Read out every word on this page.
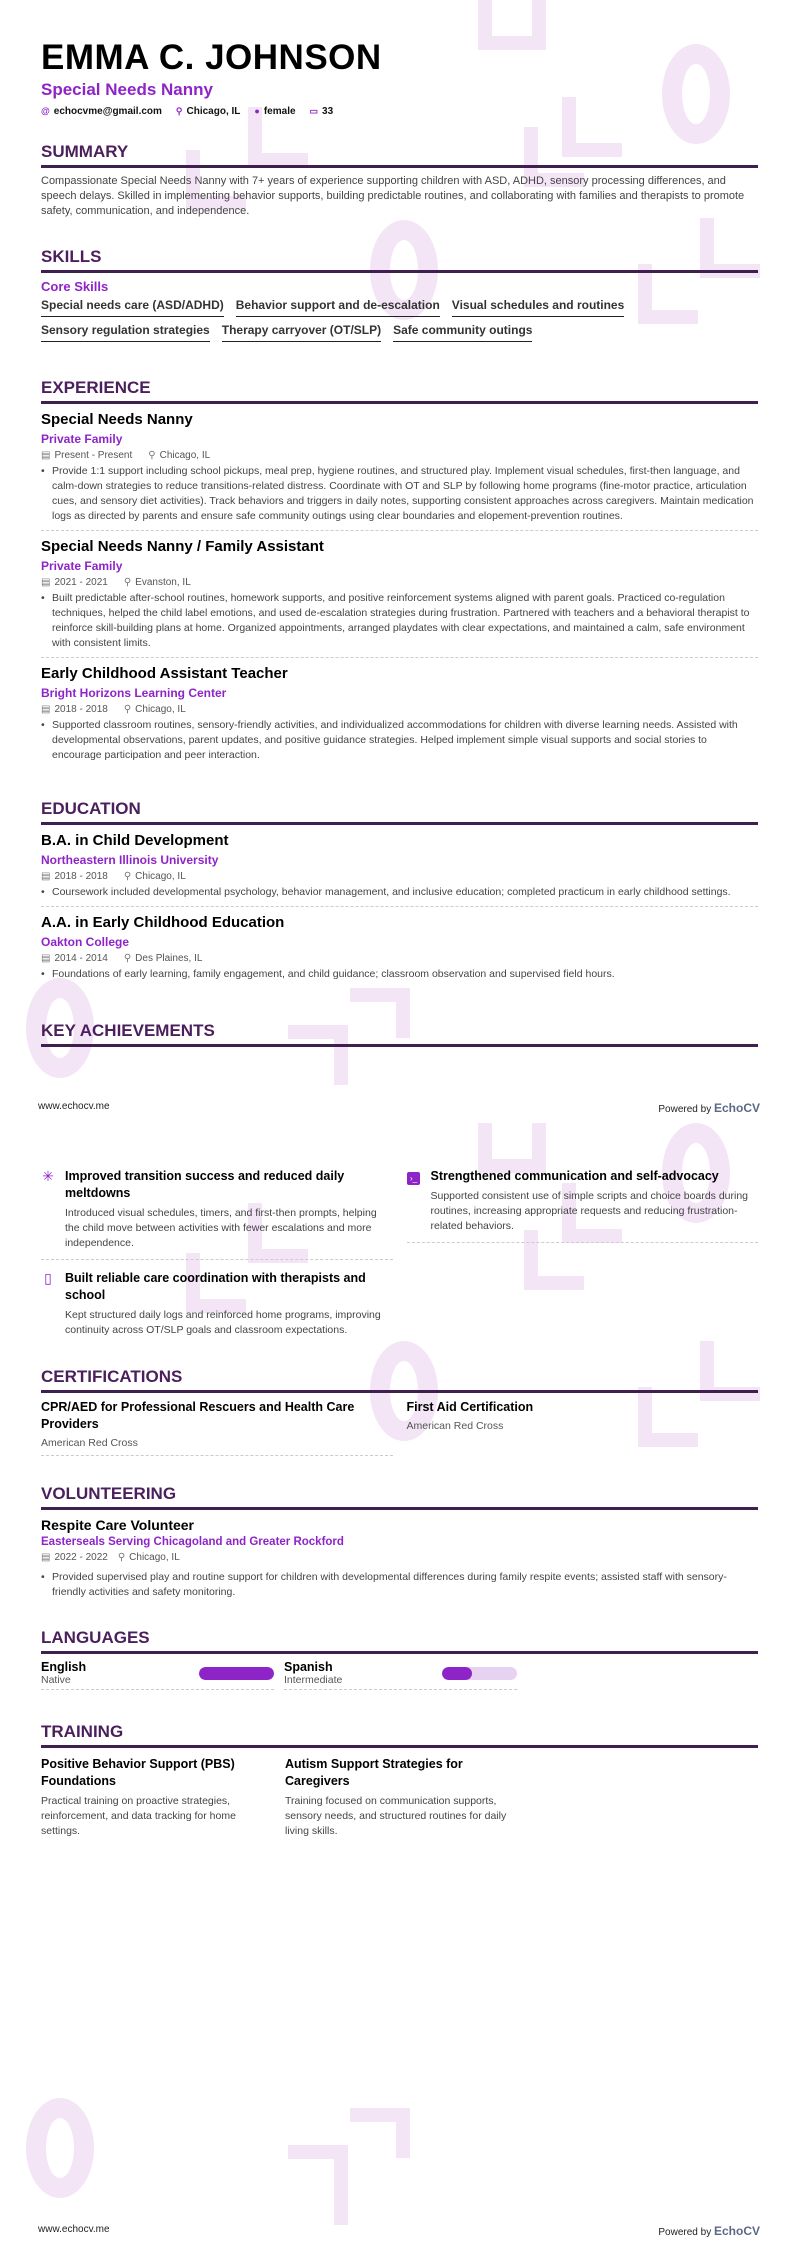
EMMA C. JOHNSON
Special Needs Nanny
@ echocvme@gmail.com ⚲ Chicago, IL ● female ▭ 33
SUMMARY
Compassionate Special Needs Nanny with 7+ years of experience supporting children with ASD, ADHD, sensory processing differences, and speech delays. Skilled in implementing behavior supports, building predictable routines, and collaborating with families and therapists to promote safety, communication, and independence.
SKILLS
Core Skills
Special needs care (ASD/ADHD) Behavior support and de-escalation Visual schedules and routines
Sensory regulation strategies Therapy carryover (OT/SLP) Safe community outings
EXPERIENCE
Special Needs Nanny
Private Family
▤ Present - Present ⚲ Chicago, IL
• Provide 1:1 support including school pickups, meal prep, hygiene routines, and structured play. Implement visual schedules, first-then language, and calm-down strategies to reduce transitions-related distress. Coordinate with OT and SLP by following home programs (fine-motor practice, articulation cues, and sensory diet activities). Track behaviors and triggers in daily notes, supporting consistent approaches across caregivers. Maintain medication logs as directed by parents and ensure safe community outings using clear boundaries and elopement-prevention routines.
Special Needs Nanny / Family Assistant
Private Family
▤ 2021 - 2021 ⚲ Evanston, IL
• Built predictable after-school routines, homework supports, and positive reinforcement systems aligned with parent goals. Practiced co-regulation techniques, helped the child label emotions, and used de-escalation strategies during frustration. Partnered with teachers and a behavioral therapist to reinforce skill-building plans at home. Organized appointments, arranged playdates with clear expectations, and maintained a calm, safe environment with consistent limits.
Early Childhood Assistant Teacher
Bright Horizons Learning Center
▤ 2018 - 2018 ⚲ Chicago, IL
• Supported classroom routines, sensory-friendly activities, and individualized accommodations for children with diverse learning needs. Assisted with developmental observations, parent updates, and positive guidance strategies. Helped implement simple visual supports and social stories to encourage participation and peer interaction.
EDUCATION
B.A. in Child Development
Northeastern Illinois University
▤ 2018 - 2018 ⚲ Chicago, IL
• Coursework included developmental psychology, behavior management, and inclusive education; completed practicum in early childhood settings.
A.A. in Early Childhood Education
Oakton College
▤ 2014 - 2014 ⚲ Des Plaines, IL
• Foundations of early learning, family engagement, and child guidance; classroom observation and supervised field hours.
KEY ACHIEVEMENTS
www.echocv.me	Powered by EchoCV
✳ Improved transition success and reduced daily meltdowns
Introduced visual schedules, timers, and first-then prompts, helping the child move between activities with fewer escalations and more independence.
▯ Built reliable care coordination with therapists and school
Kept structured daily logs and reinforced home programs, improving continuity across OT/SLP goals and classroom expectations.
›_ Strengthened communication and self-advocacy
Supported consistent use of simple scripts and choice boards during routines, increasing appropriate requests and reducing frustration-related behaviors.
CERTIFICATIONS
CPR/AED for Professional Rescuers and Health Care Providers
American Red Cross
First Aid Certification
American Red Cross
VOLUNTEERING
Respite Care Volunteer
Easterseals Serving Chicagoland and Greater Rockford
▤ 2022 - 2022 ⚲ Chicago, IL
• Provided supervised play and routine support for children with developmental differences during family respite events; assisted staff with sensory-friendly activities and safety monitoring.
LANGUAGES
English
Native
Spanish
Intermediate
TRAINING
Positive Behavior Support (PBS) Foundations
Practical training on proactive strategies, reinforcement, and data tracking for home settings.
Autism Support Strategies for Caregivers
Training focused on communication supports, sensory needs, and structured routines for daily living skills.
www.echocv.me	Powered by EchoCV
